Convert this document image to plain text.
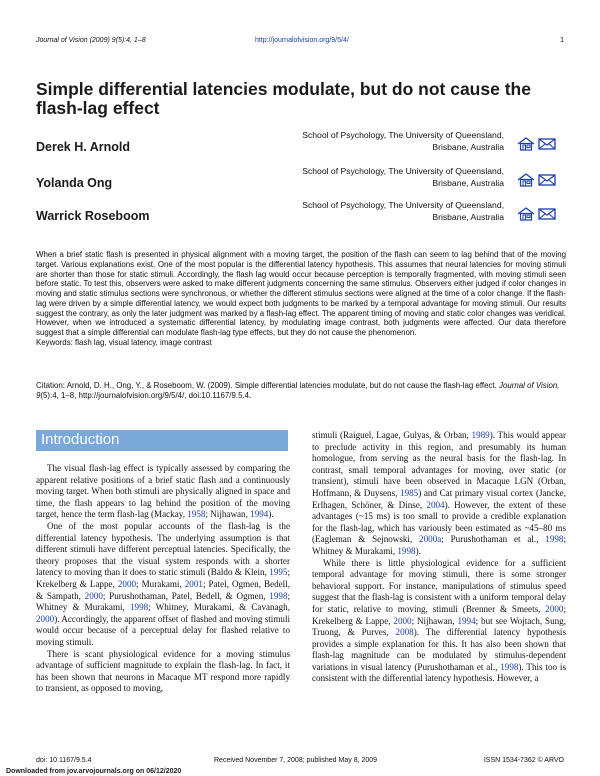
Journal of Vision (2009) 9(5):4, 1–8	http://journalofvision.org/9/5/4/	1
Simple differential latencies modulate, but do not cause the flash-lag effect
Derek H. Arnold
School of Psychology, The University of Queensland,
Brisbane, Australia
Yolanda Ong
School of Psychology, The University of Queensland,
Brisbane, Australia
Warrick Roseboom
School of Psychology, The University of Queensland,
Brisbane, Australia

When a brief static flash is presented in physical alignment with a moving target, the position of the flash can seem to lag behind that of the moving target. Various explanations exist. One of the most popular is the differential latency hypothesis. This assumes that neural latencies for moving stimuli are shorter than those for static stimuli. Accordingly, the flash lag would occur because perception is temporally fragmented, with moving stimuli seen before static. To test this, observers were asked to make different judgments concerning the same stimulus. Observers either judged if color changes in moving and static stimulus sections were synchronous, or whether the different stimulus sections were aligned at the time of a color change. If the flash-lag were driven by a simple differential latency, we would expect both judgments to be marked by a temporal advantage for moving stimuli. Our results suggest the contrary, as only the later judgment was marked by a flash-lag effect. The apparent timing of moving and static color changes was veridical. However, when we introduced a systematic differential latency, by modulating image contrast, both judgments were affected. Our data therefore suggest that a simple differential can modulate flash-lag type effects, but they do not cause the phenomenon.

Keywords: flash lag, visual latency, image contrast

Citation: Arnold, D. H., Ong, Y., & Roseboom, W. (2009). Simple differential latencies modulate, but do not cause the flash-lag effect. Journal of Vision, 9(5):4, 1–8, http://journalofvision.org/9/5/4/, doi:10.1167/9.5.4.
Introduction

The visual flash-lag effect is typically assessed by comparing the apparent relative positions of a brief static flash and a continuously moving target. When both stimuli are physically aligned in space and time, the flash appears to lag behind the position of the moving target, hence the term flash-lag (Mackay, 1958; Nijhawan, 1994).

One of the most popular accounts of the flash-lag is the differential latency hypothesis. The underlying assumption is that different stimuli have different perceptual latencies. Specifically, the theory proposes that the visual system responds with a shorter latency to moving than it does to static stimuli (Baldo & Klein, 1995; Krekelberg & Lappe, 2000; Murakami, 2001; Patel, Ogmen, Bedell, & Sampath, 2000; Purushothaman, Patel, Bedell, & Ogmen, 1998; Whitney & Murakami, 1998; Whitney, Murakami, & Cavanagh, 2000). Accordingly, the apparent offset of flashed and moving stimuli would occur because of a perceptual delay for flashed relative to moving stimuli.

There is scant physiological evidence for a moving stimulus advantage of sufficient magnitude to explain the flash-lag. In fact, it has been shown that neurons in Macaque MT respond more rapidly to transient, as opposed to moving,

stimuli (Raiguel, Lagae, Gulyas, & Orban, 1989). This would appear to preclude activity in this region, and presumably its human homologue, from serving as the neural basis for the flash-lag. In contrast, small temporal advantages for moving, over static (or transient), stimuli have been observed in Macaque LGN (Orban, Hoffmann, & Duysens, 1985) and Cat primary visual cortex (Jancke, Erlhagen, Schöner, & Dinse, 2004). However, the extent of these advantages (~15 ms) is too small to provide a credible explanation for the flash-lag, which has variously been estimated as ~45–80 ms (Eagleman & Sejnowski, 2000a; Purushothaman et al., 1998; Whitney & Murakami, 1998).

While there is little physiological evidence for a sufficient temporal advantage for moving stimuli, there is some stronger behavioral support. For instance, manipulations of stimulus speed suggest that the flash-lag is consistent with a uniform temporal delay for static, relative to moving, stimuli (Brenner & Smeets, 2000; Krekelberg & Lappe, 2000; Nijhawan, 1994; but see Wojtach, Sung, Truong, & Purves, 2008). The differential latency hypothesis provides a simple explanation for this. It has also been shown that flash-lag magnitude can be modulated by stimulus-dependent variations in visual latency (Purushothaman et al., 1998). This too is consistent with the differential latency hypothesis. However, a

doi: 10.1167/9.5.4	Received November 7, 2008; published May 8, 2009	ISSN 1534-7362 © ARVO
Downloaded from jov.arvojournals.org on 06/12/2020
